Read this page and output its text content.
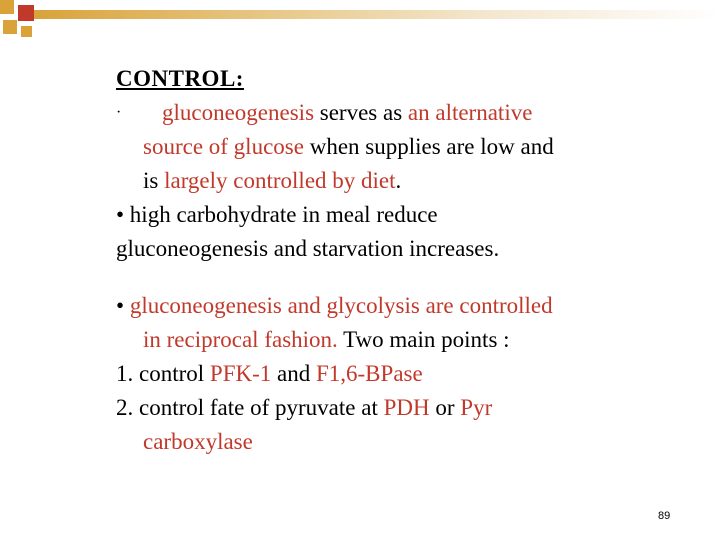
CONTROL:
· gluconeogenesis serves as an alternative
source of glucose when supplies are low and
is largely controlled by diet.
• high carbohydrate in meal reduce
gluconeogenesis and starvation increases.
• gluconeogenesis and glycolysis are controlled
in reciprocal fashion. Two main points :
1. control PFK-1 and F1,6-BPase
2. control fate of pyruvate at PDH or Pyr
carboxylase
89
